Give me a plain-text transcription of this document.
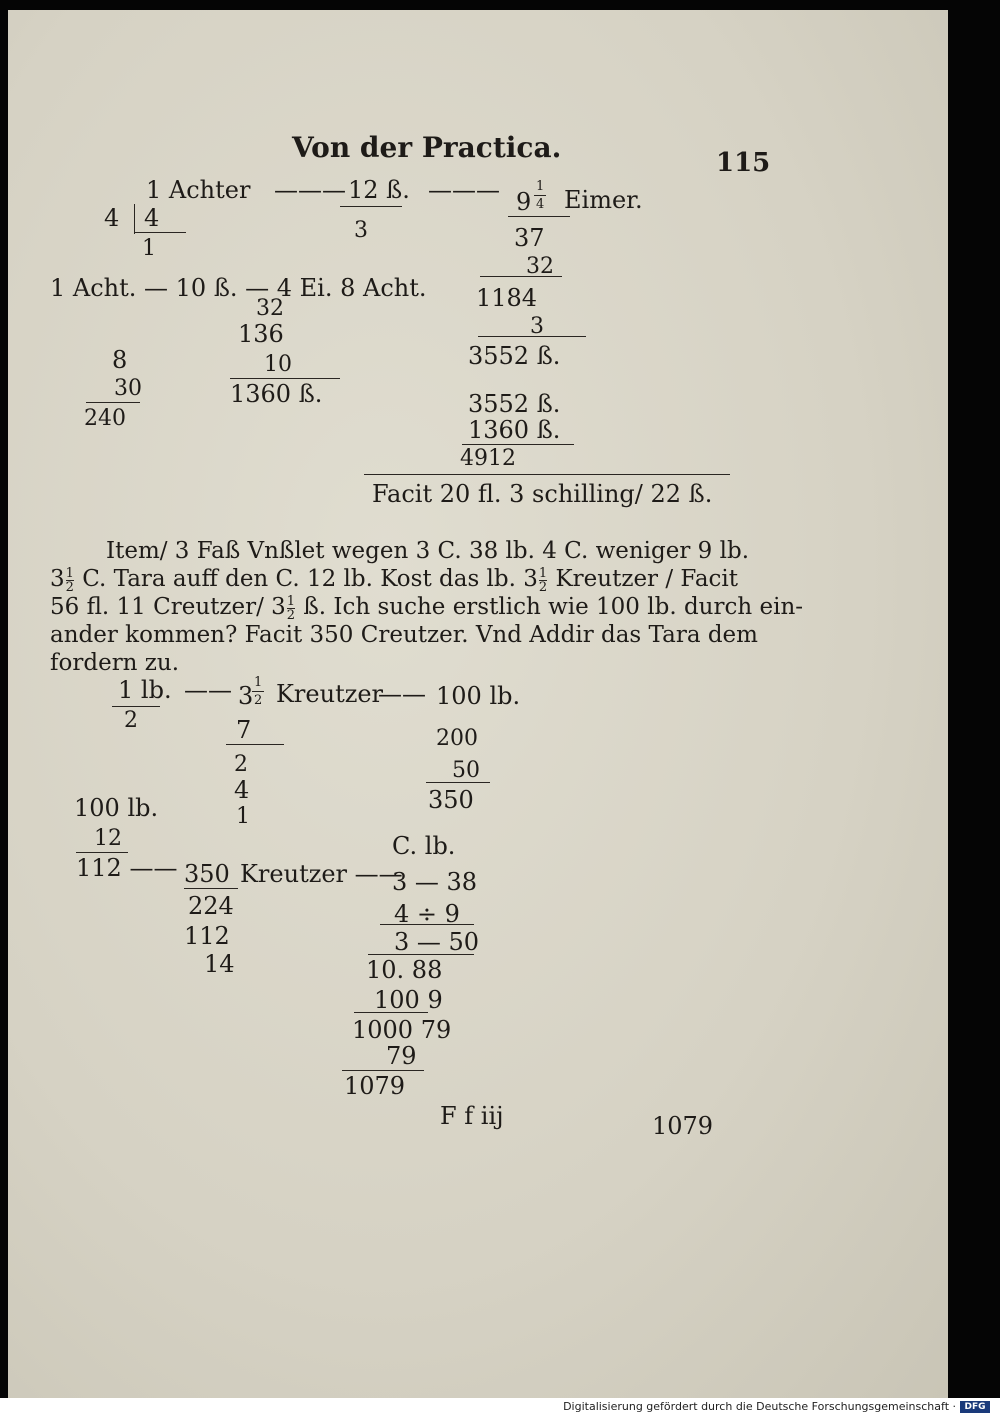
Von der Practica.	115
1 Achter ——— 12 ß. ——— 9
1
4 Eimer.
4 4
1
3	37
32
1184
3
3552 ß.
1 Acht. — 10 ß. — 4 Ei. 8 Acht.
32
136
8	10
30	1360 ß.
240
3552 ß.
1360 ß.
4912
Facit 20 fl. 3 schilling/ 22 ß.
Item/ 3 Faß Vnßlet wegen 3 C. 38 lb. 4 C. weniger 9 lb.
$3 \frac{1}{2} C$. Tara auff den C. 12 lb. Kost das lb. $3 \frac{1}{2}$ Kreutzer / Facit
56 fl. 11 Creutzer/ $3 \frac{1}{2}$ ß. Ich suche erstlich wie 100 lb. durch ein-
ander kommen? Facit 350 Creutzer. Vnd Addir das Tara dem
fordern zu.
1 lb.
2
—— 3 1
2 Kreutzer
—— 100 lb.
7
2
4
1
200
50
350
100 lb.
12
112 —— 350 Kreutzer ——
224
112
14
C. lb.
3 — 38
4 ÷ 9
3 — 50
10. 88
100 9
1000 79
79
1079
F f iij	1079
Digitalisierung gefördert durch die Deutsche Forschungsgemeinschaft · DFG
